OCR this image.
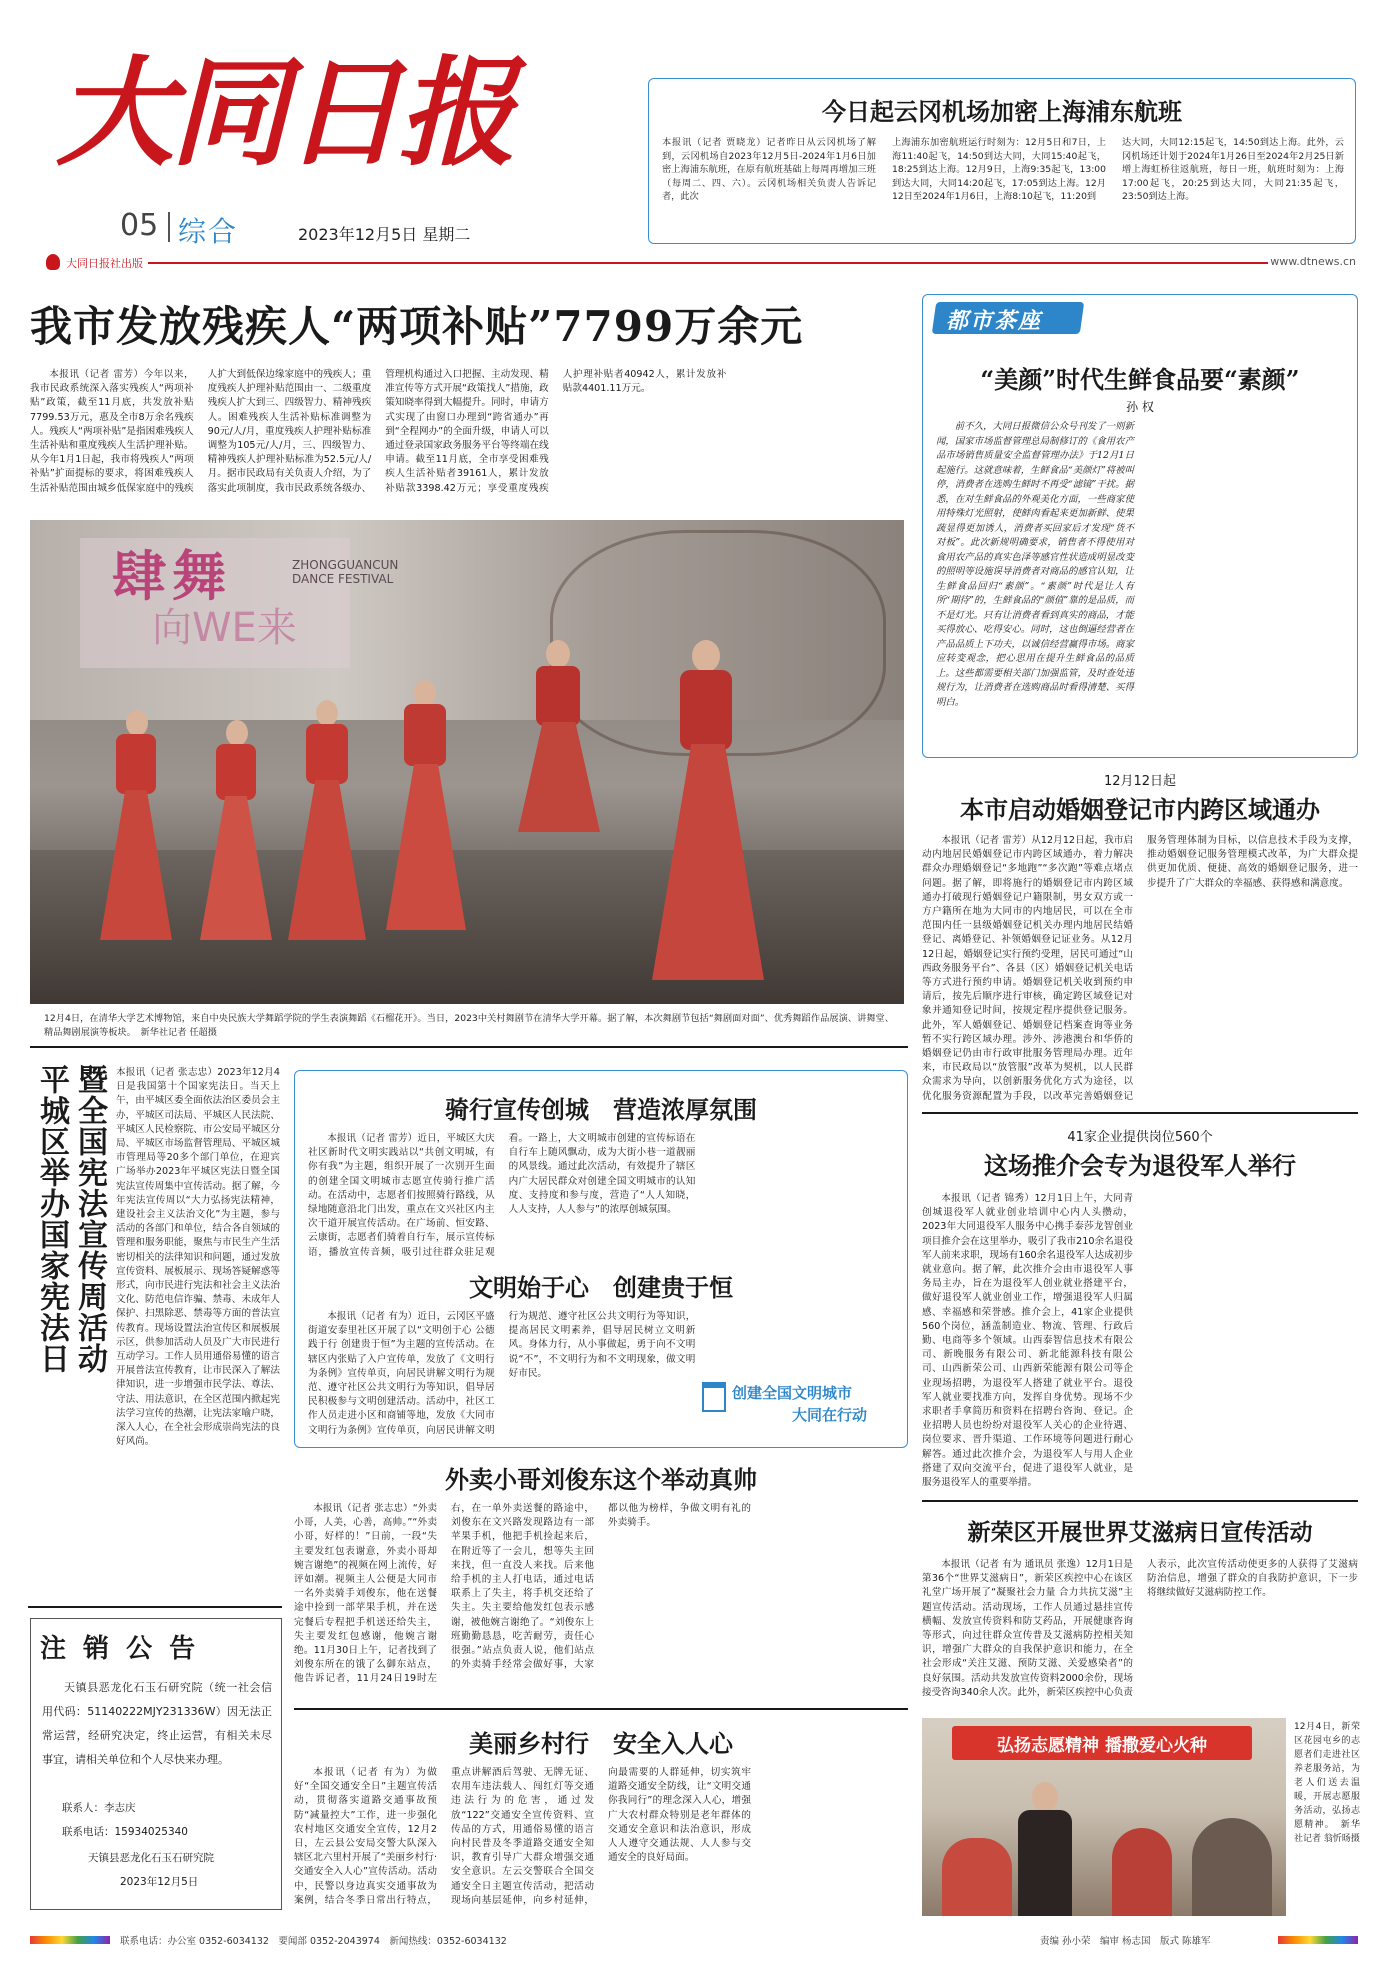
大同日报
05 综合	2023年12月5日 星期二
大同日报社出版	www.dtnews.cn
今日起云冈机场加密上海浦东航班

本报讯（记者 贾晓龙）记者昨日从云冈机场了解到，云冈机场自2023年12月5日-2024年1月6日加密上海浦东航班，在原有航班基础上每周再增加三班（每周二、四、六）。云冈机场相关负责人告诉记者，此次

上海浦东加密航班运行时刻为：12月5日和7日，上海11:40起飞，14:50到达大同，大同15:40起飞，18:25到达上海。12月9日，上海9:35起飞，13:00到达大同，大同14:20起飞，17:05到达上海。12月12日至2024年1月6日，上海8:10起飞，11:20到

达大同，大同12:15起飞，14:50到达上海。此外，云冈机场还计划于2024年1月26日至2024年2月25日新增上海虹桥往返航班，每日一班，航班时刻为：上海17:00起飞，20:25到达大同，大同21:35起飞，23:50到达上海。

我市发放残疾人“两项补贴”7799万余元

本报讯（记者 雷芳）今年以来，我市民政系统深入落实残疾人“两项补贴”政策，截至11月底，共发放补贴7799.53万元，惠及全市8万余名残疾人。残疾人“两项补贴”是指困难残疾人生活补贴和重度残疾人生活护理补贴。从今年1月1日起，我市将残疾人“两项补贴”扩面提标的要求，将困难残疾人生活补贴范围由城乡低保家庭中的残疾人扩大到低保边缘家庭中的残疾人；重度残疾人护理补贴范围由一、二级重度残疾人扩大到三、四级智力、精神残疾人。困难残疾人生活补贴标准调整为90元/人/月，重度残疾人护理补贴标准调整为105元/人/月，三、四级智力、精神残疾人护理补贴标准为52.5元/人/月。据市民政局有关负责人介绍，为了落实此项制度，我市民政系统各级办、管理机构通过入口把握、主动发现、精准宣传等方式开展“政策找人”措施，政策知晓率得到大幅提升。同时，申请方式实现了由窗口办理到“跨省通办”再到“全程网办”的全面升级，申请人可以通过登录国家政务服务平台等终端在线申请。截至11月底，全市享受困难残疾人生活补贴者39161人，累计发放补贴款3398.42万元；享受重度残疾人护理补贴者40942人，累计发放补贴款4401.11万元。

肆舞
向WE来
ZHONGGUANCUN DANCE FESTIVAL

12月4日，在清华大学艺术博物馆，来自中央民族大学舞蹈学院的学生表演舞蹈《石榴花开》。当日，2023中关村舞剧节在清华大学开幕。据了解，本次舞剧节包括“舞剧面对面”、优秀舞蹈作品展演、讲舞堂、精品舞剧展演等板块。　新华社记者 任超摄

都市茶座
“美颜”时代生鲜食品要“素颜”
孙 权

前不久，大同日报微信公众号刊发了一则新闻，国家市场监督管理总局制修订的《食用农产品市场销售质量安全监督管理办法》于12月1日起施行。这就意味着，生鲜食品“美颜灯”将被叫停，消费者在选购生鲜时不再受“滤镜”干扰。据悉，在对生鲜食品的外观美化方面，一些商家使用特殊灯光照射，使鲜肉看起来更加新鲜、使果蔬显得更加诱人，消费者买回家后才发现“货不对板”。此次新规明确要求，销售者不得使用对食用农产品的真实色泽等感官性状造成明显改变的照明等设施误导消费者对商品的感官认知，让生鲜食品回归“素颜”。“素颜”时代是让人有所“期待”的，生鲜食品的“颜值”靠的是品质，而不是灯光。只有让消费者看到真实的商品，才能买得放心、吃得安心。同时，这也倒逼经营者在产品品质上下功夫，以诚信经营赢得市场。商家应转变观念，把心思用在提升生鲜食品的品质上。这些都需要相关部门加强监管，及时查处违规行为，让消费者在选购商品时看得清楚、买得明白。

12月12日起
本市启动婚姻登记市内跨区域通办

本报讯（记者 雷芳）从12月12日起，我市启动内地居民婚姻登记市内跨区域通办，着力解决群众办理婚姻登记“多地跑”“多次跑”等难点堵点问题。据了解，即将施行的婚姻登记市内跨区域通办打破现行婚姻登记户籍限制，男女双方或一方户籍所在地为大同市的内地居民，可以在全市范围内任一县级婚姻登记机关办理内地居民结婚登记、离婚登记、补领婚姻登记证业务。从12月12日起，婚姻登记实行预约受理，居民可通过“山西政务服务平台”、各县（区）婚姻登记机关电话等方式进行预约申请。婚姻登记机关收到预约申请后，按先后顺序进行审核，确定跨区域登记对象并通知登记时间，按规定程序提供登记服务。此外，军人婚姻登记、婚姻登记档案查询等业务暂不实行跨区域办理。涉外、涉港澳台和华侨的婚姻登记仍由市行政审批服务管理局办理。近年来，市民政局以“放管服”改革为契机，以人民群众需求为导向，以创新服务优化方式为途径，以优化服务资源配置为手段，以改革完善婚姻登记服务管理体制为目标，以信息技术手段为支撑，推动婚姻登记服务管理模式改革，为广大群众提供更加优质、便捷、高效的婚姻登记服务，进一步提升了广大群众的幸福感、获得感和满意度。

暨全国宪法宣传周活动平城区举办国家宪法日	本报讯（记者 张志忠）2023年12月4日是我国第十个国家宪法日。当天上午，由平城区委全面依法治区委员会主办，平城区司法局、平城区人民法院、平城区人民检察院、市公安局平城区分局、平城区市场监督管理局、平城区城市管理局等20多个部门单位，在迎宾广场举办2023年平城区宪法日暨全国宪法宣传周集中宣传活动。据了解，今年宪法宣传周以“大力弘扬宪法精神，建设社会主义法治文化”为主题，参与活动的各部门和单位，结合各自领域的管理和服务职能，聚焦与市民生产生活密切相关的法律知识和问题，通过发放宣传资料、展板展示、现场答疑解惑等形式，向市民进行宪法和社会主义法治文化、防范电信诈骗、禁毒、未成年人保护、扫黑除恶、禁毒等方面的普法宣传教育。现场设置法治宣传区和展板展示区，供参加活动人员及广大市民进行互动学习。工作人员用通俗易懂的语言开展普法宣传教育，让市民深入了解法律知识，进一步增强市民学法、尊法、守法、用法意识，在全区范围内掀起宪法学习宣传的热潮，让宪法家喻户晓，深入人心，在全社会形成崇尚宪法的良好风尚。

注 销 公 告

天镇县恶龙化石玉石研究院（统一社会信用代码：51140222MJY231336W）因无法正常运营，经研究决定，终止运营，有相关未尽事宜，请相关单位和个人尽快来办理。

联系人：李志庆
联系电话：15934025340
天镇县恶龙化石玉石研究院
2023年12月5日
骑行宣传创城　营造浓厚氛围

本报讯（记者 雷芳）近日，平城区大庆社区新时代文明实践站以“共创文明城，有你有我”为主题，组织开展了一次别开生面的创建全国文明城市志愿宣传骑行推广活动。在活动中，志愿者们按照骑行路线，从绿地随意沿北门出发，重点在文兴社区内主次干道开展宣传活动。在广场前、恒安路、云康街，志愿者们骑着自行车，展示宣传标语，播放宣传音频，吸引过往群众驻足观看。一路上，大文明城市创建的宣传标语在自行车上随风飘动，成为大街小巷一道靓丽的风景线。通过此次活动，有效提升了辖区内广大居民群众对创建全国文明城市的认知度、支持度和参与度，营造了“人人知晓，人人支持，人人参与”的浓厚创城氛围。

文明始于心　创建贵于恒

本报讯（记者 有为）近日，云冈区平盛街道安泰里社区开展了以“文明创于心 公德践于行 创建贵于恒”为主题的宣传活动。在辖区内张贴了入户宣传单，发放了《文明行为条例》宣传单页，向居民讲解文明行为规范、遵守社区公共文明行为等知识，倡导居民积极参与文明创建活动。活动中，社区工作人员走进小区和商铺等地，发放《大同市文明行为条例》宣传单页，向居民讲解文明行为规范、遵守社区公共文明行为等知识，提高居民文明素养，倡导居民树立文明新风。身体力行，从小事做起，勇于向不文明说“不”，不文明行为和不文明现象，做文明好市民。

创建全国文明城市
大同在行动
外卖小哥刘俊东这个举动真帅

本报讯（记者 张志忠）“外卖小哥，人美，心善，高帅。”“外卖小哥，好样的！”日前，一段“失主要发红包表谢意，外卖小哥却婉言谢绝”的视频在网上流传，好评如潮。视频主人公便是大同市一名外卖骑手刘俊东，他在送餐途中捡到一部苹果手机，并在送完餐后专程把手机送还给失主，失主要发红包感谢，他婉言谢绝。11月30日上午，记者找到了刘俊东所在的饿了么御东站点，他告诉记者，11月24日19时左右，在一单外卖送餐的路途中，刘俊东在文兴路发现路边有一部苹果手机，他把手机捡起来后，在附近等了一会儿，想等失主回来找，但一直没人来找。后来他给手机的主人打电话，通过电话联系上了失主，将手机交还给了失主。失主要给他发红包表示感谢，被他婉言谢绝了。“刘俊东上班勤勤恳恳，吃苦耐劳，责任心很强。”站点负责人说，他们站点的外卖骑手经常会做好事，大家都以他为榜样，争做文明有礼的外卖骑手。

美丽乡村行　安全入人心

本报讯（记者 有为）为做好“全国交通安全日”主题宣传活动，贯彻落实道路交通事故预防“减量控大”工作，进一步强化农村地区交通安全宣传，12月2日，左云县公安局交警大队深入辖区北六里村开展了“美丽乡村行·交通安全入人心”宣传活动。活动中，民警以身边真实交通事故为案例，结合冬季日常出行特点，重点讲解酒后驾驶、无牌无证、农用车违法载人、闯红灯等交通违法行为的危害，通过发放“122”交通安全宣传资料、宣传品的方式，用通俗易懂的语言向村民普及冬季道路交通安全知识，教育引导广大群众增强交通安全意识。左云交警联合全国交通安全日主题宣传活动，把活动现场向基层延伸，向乡村延伸，向最需要的人群延伸，切实筑牢道路交通安全防线，让“文明交通 你我同行”的理念深入人心，增强广大农村群众特别是老年群体的交通安全意识和法治意识，形成人人遵守交通法规、人人参与交通安全的良好局面。

41家企业提供岗位560个
这场推介会专为退役军人举行

本报讯（记者 锦秀）12月1日上午，大同青创城退役军人就业创业培训中心内人头攒动，2023年大同退役军人服务中心携手泰莎龙智创业项目推介会在这里举办，吸引了我市210余名退役军人前来求职，现场有160余名退役军人达成初步就业意向。据了解，此次推介会由市退役军人事务局主办，旨在为退役军人创业就业搭建平台，做好退役军人就业创业工作，增强退役军人归属感、幸福感和荣誉感。推介会上，41家企业提供560个岗位，涵盖制造业、物流、管理、行政后勤、电商等多个领域。山西泰智信息技术有限公司、新晚服务有限公司、新北能源科技有限公司、山西新荣公司、山西新荣能源有限公司等企业现场招聘，为退役军人搭建了就业平台。退役军人就业要找准方向，发挥自身优势。现场不少求职者手拿简历和资料在招聘台咨询、登记。企业招聘人员也纷纷对退役军人关心的企业待遇、岗位要求、晋升渠道、工作环境等问题进行耐心解答。通过此次推介会，为退役军人与用人企业搭建了双向交流平台，促进了退役军人就业，是服务退役军人的重要举措。

新荣区开展世界艾滋病日宣传活动

本报讯（记者 有为 通讯员 张逸）12月1日是第36个“世界艾滋病日”，新荣区疾控中心在该区礼堂广场开展了“凝聚社会力量 合力共抗艾滋”主题宣传活动。活动现场，工作人员通过悬挂宣传横幅、发放宣传资料和防艾药品，开展健康咨询等形式，向过往群众宣传普及艾滋病防控相关知识，增强广大群众的自我保护意识和能力，在全社会形成“关注艾滋、预防艾滋、关爱感染者”的良好氛围。活动共发放宣传资料2000余份，现场接受咨询340余人次。此外，新荣区疾控中心负责人表示，此次宣传活动使更多的人获得了艾滋病防治信息，增强了群众的自我防护意识，下一步将继续做好艾滋病防控工作。

弘扬志愿精神 播撒爱心火种

12月4日，新荣区花园屯乡的志愿者们走进社区养老服务站，为老人们送去温暖，开展志愿服务活动，弘扬志愿精神。　新华社记者 翁忻旸摄

联系电话：办公室 0352-6034132　要闻部 0352-2043974　新闻热线：0352-6034132	责编 孙小荣　编审 杨志国　版式 陈雄军
